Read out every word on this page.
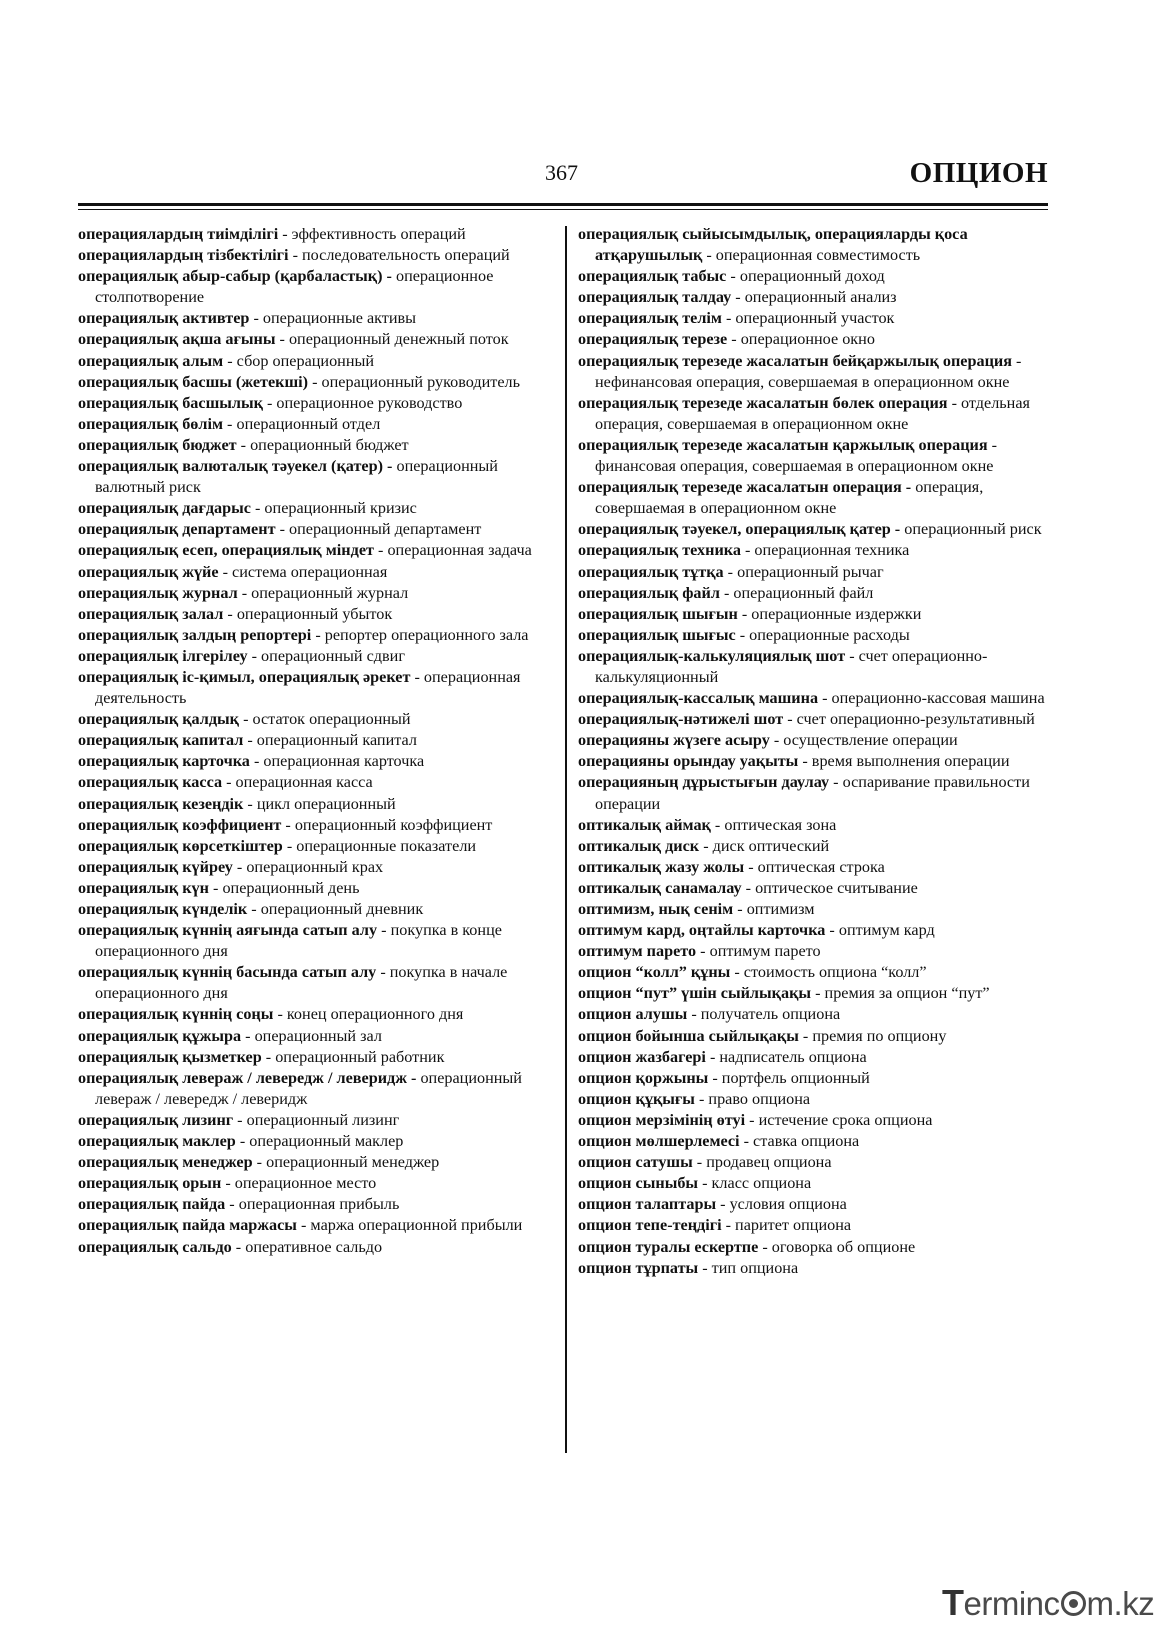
367	ОПЦИОН

операциялардың тиімділігі - эффективность операций

операциялардың тізбектілігі - последовательность операций

операциялық абыр-сабыр (қарбаластық) - операционное столпотворение

операциялық активтер - операционные активы

операциялық ақша ағыны - операционный денежный поток

операциялық алым - сбор операционный

операциялық басшы (жетекші) - операционный руководитель

операциялық басшылық - операционное руководство

операциялық бөлім - операционный отдел

операциялық бюджет - операционный бюджет

операциялық валюталық тәуекел (қатер) - операционный валютный риск

операциялық дағдарыс - операционный кризис

операциялық департамент - операционный департамент

операциялық есеп, операциялық міндет - операционная задача

операциялық жүйе - система операционная

операциялық журнал - операционный журнал

операциялық залал - операционный убыток

операциялық залдың репортері - репортер операционного зала

операциялық ілгерілеу - операционный сдвиг

операциялық іс-қимыл, операциялық әрекет - операционная деятельность

операциялық қалдық - остаток операционный

операциялық капитал - операционный капитал

операциялық карточка - операционная карточка

операциялық касса - операционная касса

операциялық кезеңдік - цикл операционный

операциялық коэффициент - операционный коэффициент

операциялық көрсеткіштер - операционные показатели

операциялық күйреу - операционный крах

операциялық күн - операционный день

операциялық күнделік - операционный дневник

операциялық күннің аяғында сатып алу - покупка в конце операционного дня

операциялық күннің басында сатып алу - покупка в начале операционного дня

операциялық күннің соңы - конец операционного дня

операциялық құжыра - операционный зал

операциялық қызметкер - операционный работник

операциялық левераж / левередж / леверидж - операционный левераж / левередж / леверидж

операциялық лизинг - операционный лизинг

операциялық маклер - операционный маклер

операциялық менеджер - операционный менеджер

операциялық орын - операционное место

операциялық пайда - операционная прибыль

операциялық пайда маржасы - маржа операционной прибыли

операциялық сальдо - оперативное сальдо

операциялық сыйысымдылық, операцияларды қоса атқарушылық - операционная совместимость

операциялық табыс - операционный доход

операциялық талдау - операционный анализ

операциялық телім - операционный участок

операциялық терезе - операционное окно

операциялық терезеде жасалатын бейқаржылық операция - нефинансовая операция, совершаемая в операционном окне

операциялық терезеде жасалатын бөлек операция - отдельная операция, совершаемая в операционном окне

операциялық терезеде жасалатын қаржылық операция - финансовая операция, совершаемая в операционном окне

операциялық терезеде жасалатын операция - операция, совершаемая в операционном окне

операциялық тәуекел, операциялық қатер - операционный риск

операциялық техника - операционная техника

операциялық тұтқа - операционный рычаг

операциялық файл - операционный файл

операциялық шығын - операционные издержки

операциялық шығыс - операционные расходы

операциялық-калькуляциялық шот - счет операционно-калькуляционный

операциялық-кассалық машина - операционно-кассовая машина

операциялық-нәтижелі шот - счет операционно-результативный

операцияны жүзеге асыру - осуществление операции

операцияны орындау уақыты - время выполнения операции

операцияның дұрыстығын даулау - оспаривание правильности операции

оптикалық аймақ - оптическая зона

оптикалық диск - диск оптический

оптикалық жазу жолы - оптическая строка

оптикалық санамалау - оптическое считывание

оптимизм, нық сенім - оптимизм

оптимум кард, оңтайлы карточка - оптимум кард

оптимум парето - оптимум парето

опцион “колл” құны - стоимость опциона “колл”

опцион “пут” үшін сыйлықақы - премия за опцион “пут”

опцион алушы - получатель опциона

опцион бойынша сыйлықақы - премия по опциону

опцион жазбагері - надписатель опциона

опцион қоржыны - портфель опционный

опцион құқығы - право опциона

опцион мерзімінің өтуі - истечение срока опциона

опцион мөлшерлемесі - ставка опциона

опцион сатушы - продавец опциона

опцион сыныбы - класс опциона

опцион талаптары - условия опциона

опцион тепе-теңдігі - паритет опциона

опцион туралы ескертпе - оговорка об опционе

опцион тұрпаты - тип опциона

Terminc m.kz
